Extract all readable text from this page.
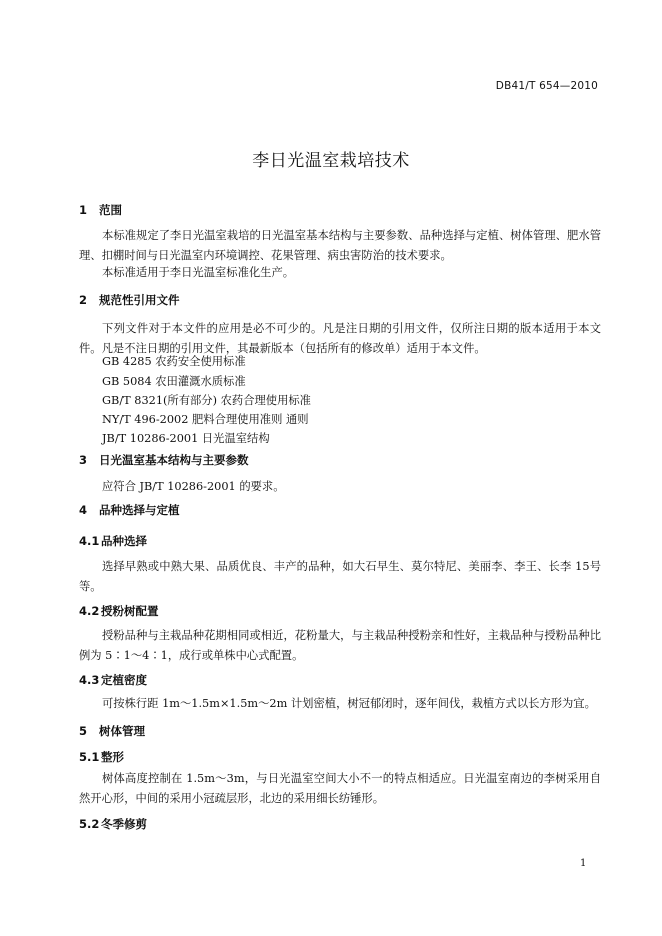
DB41/T 654—2010
李日光温室栽培技术
1 范围

本标准规定了李日光温室栽培的日光温室基本结构与主要参数、品种选择与定植、树体管理、肥水管理、扣棚时间与日光温室内环境调控、花果管理、病虫害防治的技术要求。

本标准适用于李日光温室标准化生产。

2 规范性引用文件

下列文件对于本文件的应用是必不可少的。凡是注日期的引用文件，仅所注日期的版本适用于本文件。凡是不注日期的引用文件，其最新版本（包括所有的修改单）适用于本文件。

GB 4285 农药安全使用标准
GB 5084 农田灌溉水质标准
GB/T 8321(所有部分) 农药合理使用标准
NY/T 496-2002 肥料合理使用准则 通则
JB/T 10286-2001 日光温室结构
3 日光温室基本结构与主要参数
应符合 JB/T 10286-2001 的要求。
4 品种选择与定植
4.1 品种选择

选择早熟或中熟大果、品质优良、丰产的品种，如大石早生、莫尔特尼、美丽李、李王、长李 15号等。

4.2 授粉树配置

授粉品种与主栽品种花期相同或相近，花粉量大，与主栽品种授粉亲和性好，主栽品种与授粉品种比例为 5∶1～4∶1，成行或单株中心式配置。

4.3 定植密度

可按株行距 1m～1.5m×1.5m～2m 计划密植，树冠郁闭时，逐年间伐，栽植方式以长方形为宜。

5 树体管理
5.1 整形

树体高度控制在 1.5m～3m，与日光温室空间大小不一的特点相适应。日光温室南边的李树采用自然开心形，中间的采用小冠疏层形，北边的采用细长纺锤形。

5.2 冬季修剪
1
